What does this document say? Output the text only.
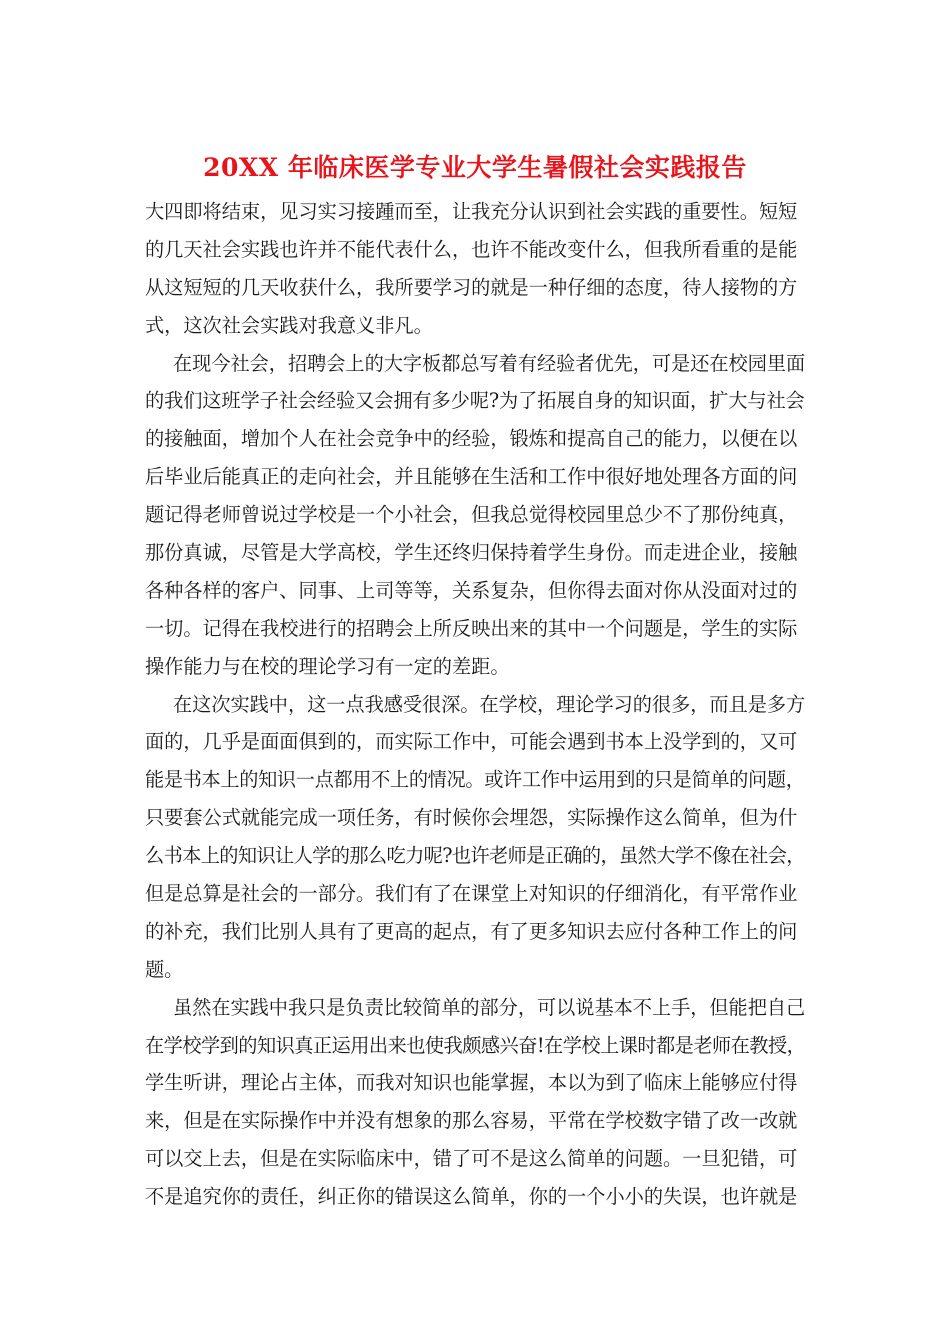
20XX 年临床医学专业大学生暑假社会实践报告
大四即将结束，见习实习接踵而至，让我充分认识到社会实践的重要性。短短
的几天社会实践也许并不能代表什么，也许不能改变什么，但我所看重的是能
从这短短的几天收获什么，我所要学习的就是一种仔细的态度，待人接物的方
式，这次社会实践对我意义非凡。
在现今社会，招聘会上的大字板都总写着有经验者优先，可是还在校园里面
的我们这班学子社会经验又会拥有多少呢?为了拓展自身的知识面，扩大与社会
的接触面，增加个人在社会竞争中的经验，锻炼和提高自己的能力，以便在以
后毕业后能真正的走向社会，并且能够在生活和工作中很好地处理各方面的问
题记得老师曾说过学校是一个小社会，但我总觉得校园里总少不了那份纯真，
那份真诚，尽管是大学高校，学生还终归保持着学生身份。而走进企业，接触
各种各样的客户、同事、上司等等，关系复杂，但你得去面对你从没面对过的
一切。记得在我校进行的招聘会上所反映出来的其中一个问题是，学生的实际
操作能力与在校的理论学习有一定的差距。
在这次实践中，这一点我感受很深。在学校，理论学习的很多，而且是多方
面的，几乎是面面俱到的，而实际工作中，可能会遇到书本上没学到的，又可
能是书本上的知识一点都用不上的情况。或许工作中运用到的只是简单的问题，
只要套公式就能完成一项任务，有时候你会埋怨，实际操作这么简单，但为什
么书本上的知识让人学的那么吃力呢?也许老师是正确的，虽然大学不像在社会，
但是总算是社会的一部分。我们有了在课堂上对知识的仔细消化，有平常作业
的补充，我们比别人具有了更高的起点，有了更多知识去应付各种工作上的问
题。
虽然在实践中我只是负责比较简单的部分，可以说基本不上手，但能把自己
在学校学到的知识真正运用出来也使我颇感兴奋!在学校上课时都是老师在教授，
学生听讲，理论占主体，而我对知识也能掌握，本以为到了临床上能够应付得
来，但是在实际操作中并没有想象的那么容易，平常在学校数字错了改一改就
可以交上去，但是在实际临床中，错了可不是这么简单的问题。一旦犯错，可
不是追究你的责任，纠正你的错误这么简单，你的一个小小的失误，也许就是
